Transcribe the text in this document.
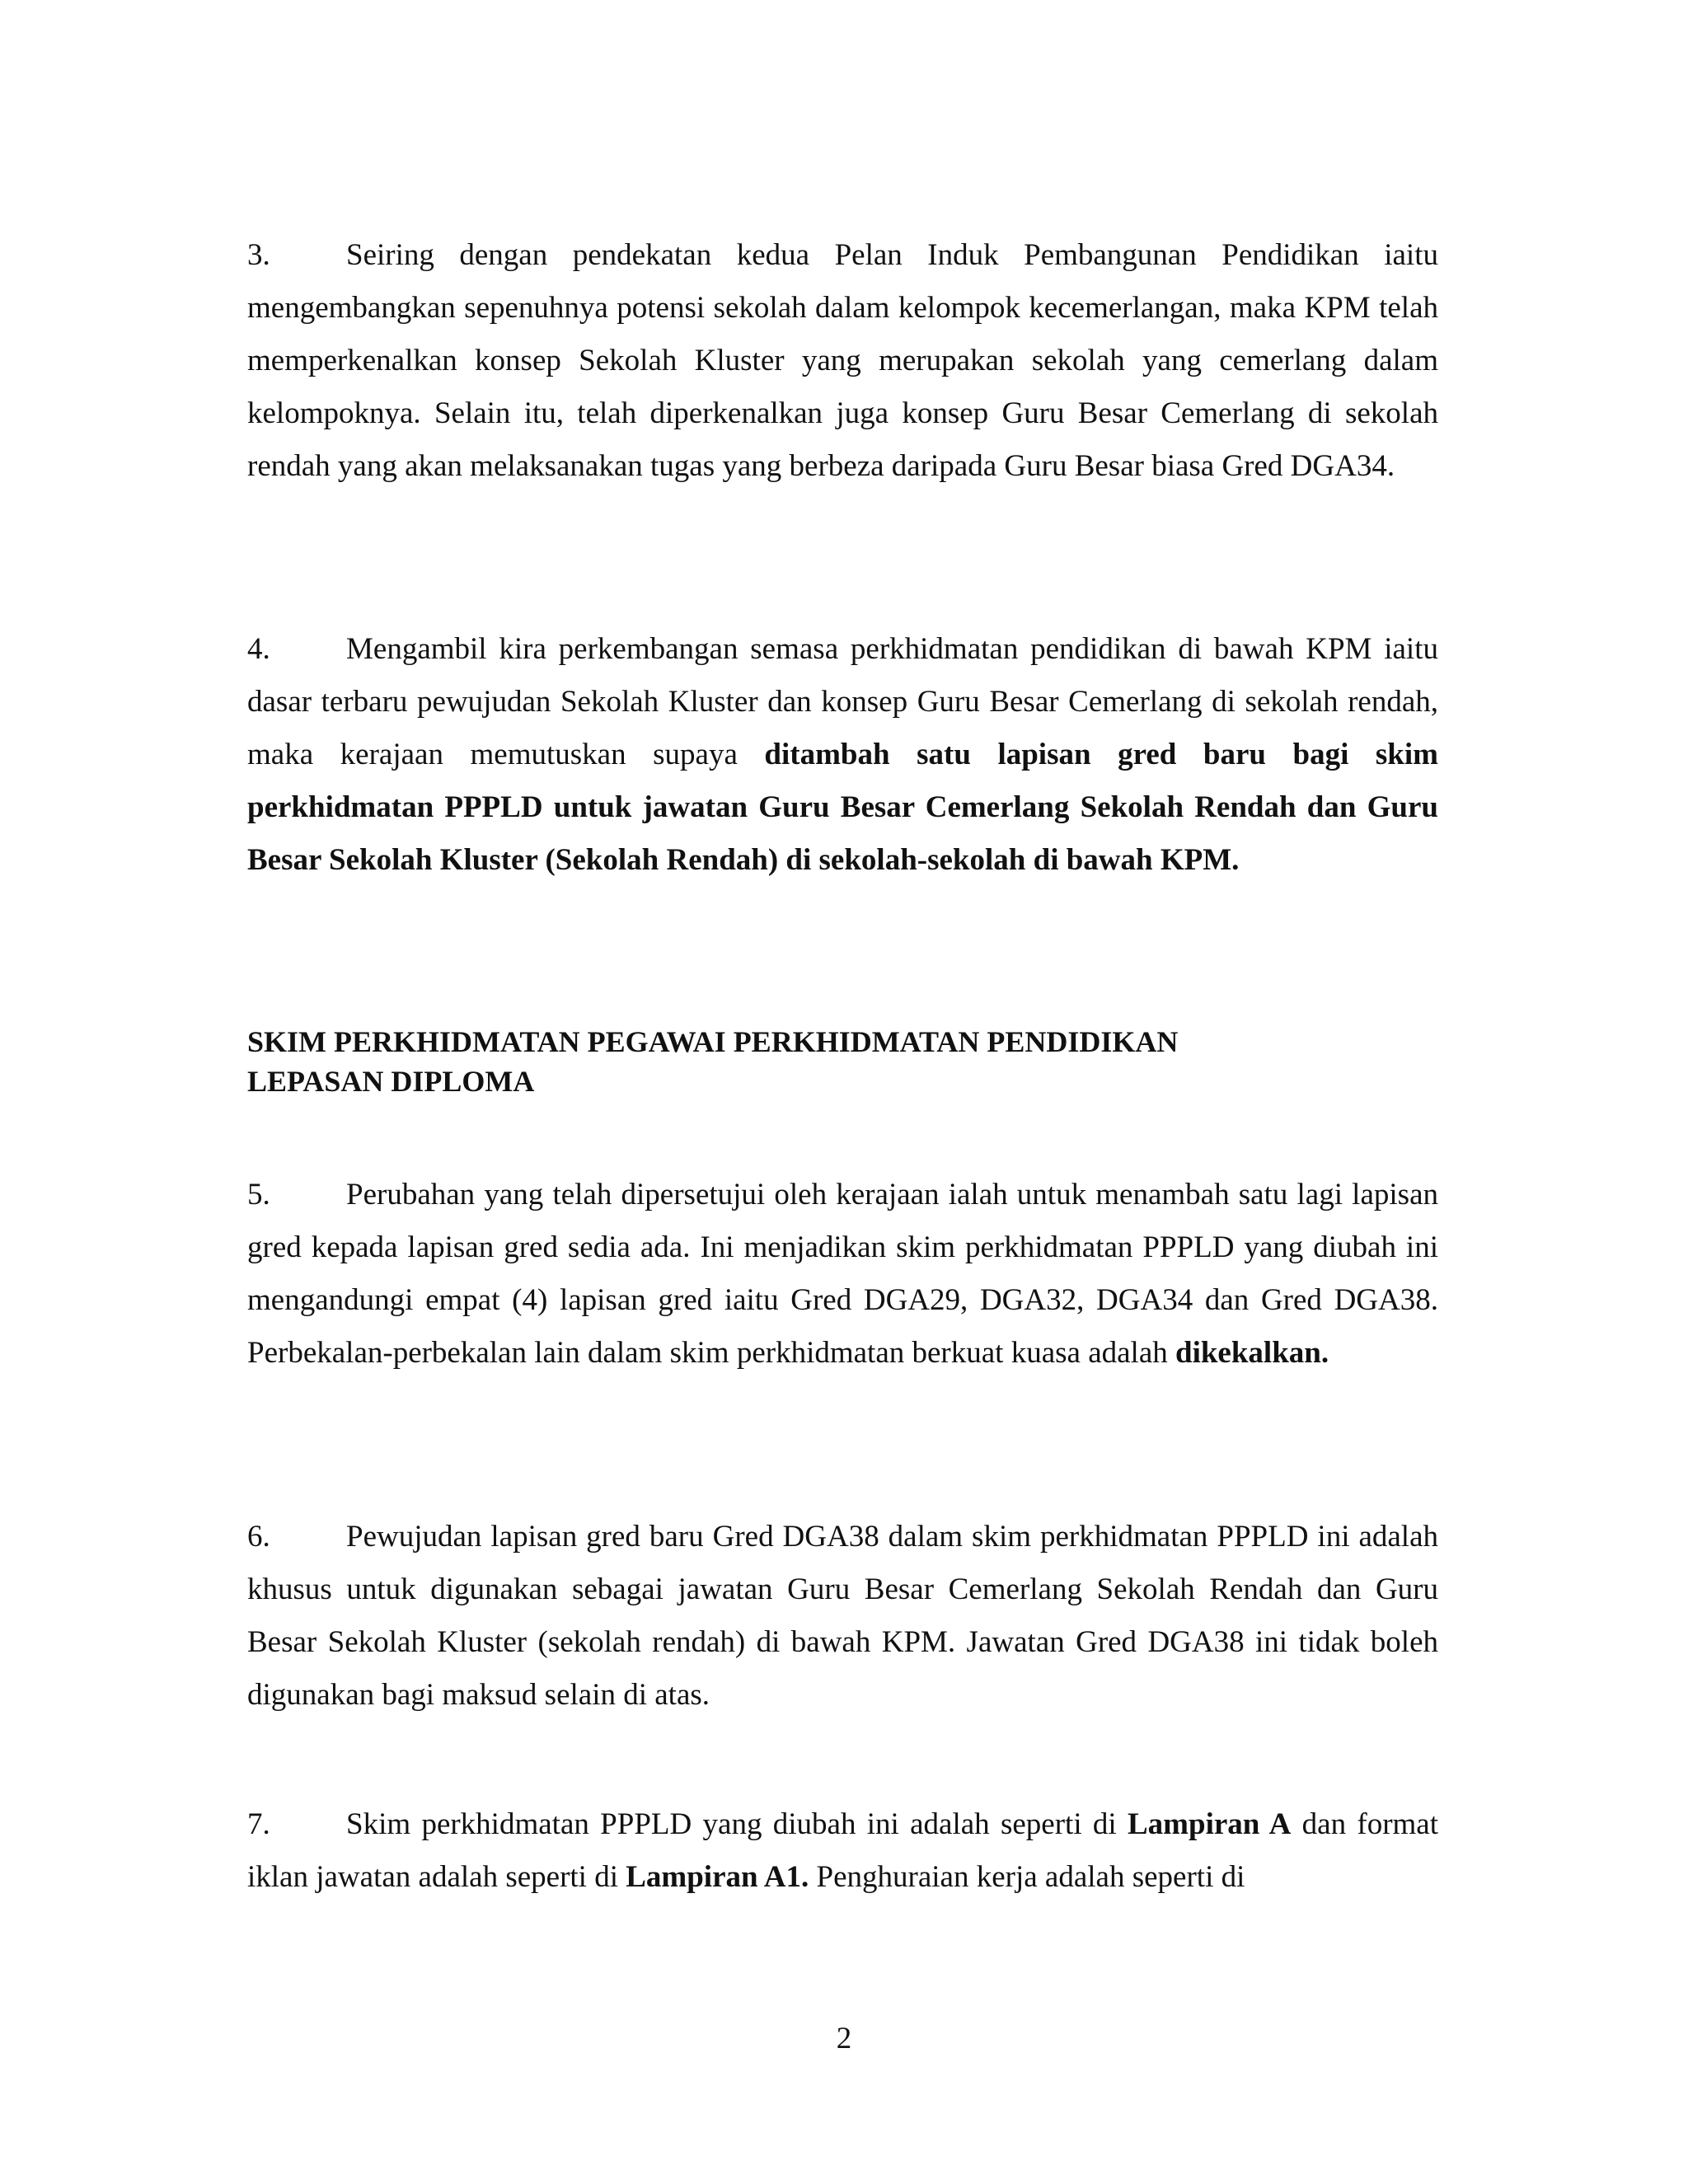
3. Seiring dengan pendekatan kedua Pelan Induk Pembangunan Pendidikan iaitu mengembangkan sepenuhnya potensi sekolah dalam kelompok kecemerlangan, maka KPM telah memperkenalkan konsep Sekolah Kluster yang merupakan sekolah yang cemerlang dalam kelompoknya. Selain itu, telah diperkenalkan juga konsep Guru Besar Cemerlang di sekolah rendah yang akan melaksanakan tugas yang berbeza daripada Guru Besar biasa Gred DGA34.

4. Mengambil kira perkembangan semasa perkhidmatan pendidikan di bawah KPM iaitu dasar terbaru pewujudan Sekolah Kluster dan konsep Guru Besar Cemerlang di sekolah rendah, maka kerajaan memutuskan supaya ditambah satu lapisan gred baru bagi skim perkhidmatan PPPLD untuk jawatan Guru Besar Cemerlang Sekolah Rendah dan Guru Besar Sekolah Kluster (Sekolah Rendah) di sekolah-sekolah di bawah KPM.

SKIM PERKHIDMATAN PEGAWAI PERKHIDMATAN PENDIDIKAN
LEPASAN DIPLOMA

5. Perubahan yang telah dipersetujui oleh kerajaan ialah untuk menambah satu lagi lapisan gred kepada lapisan gred sedia ada. Ini menjadikan skim perkhidmatan PPPLD yang diubah ini mengandungi empat (4) lapisan gred iaitu Gred DGA29, DGA32, DGA34 dan Gred DGA38. Perbekalan-perbekalan lain dalam skim perkhidmatan berkuat kuasa adalah dikekalkan.

6. Pewujudan lapisan gred baru Gred DGA38 dalam skim perkhidmatan PPPLD ini adalah khusus untuk digunakan sebagai jawatan Guru Besar Cemerlang Sekolah Rendah dan Guru Besar Sekolah Kluster (sekolah rendah) di bawah KPM. Jawatan Gred DGA38 ini tidak boleh digunakan bagi maksud selain di atas.

7. Skim perkhidmatan PPPLD yang diubah ini adalah seperti di Lampiran A dan format iklan jawatan adalah seperti di Lampiran A1. Penghuraian kerja adalah seperti di

2
